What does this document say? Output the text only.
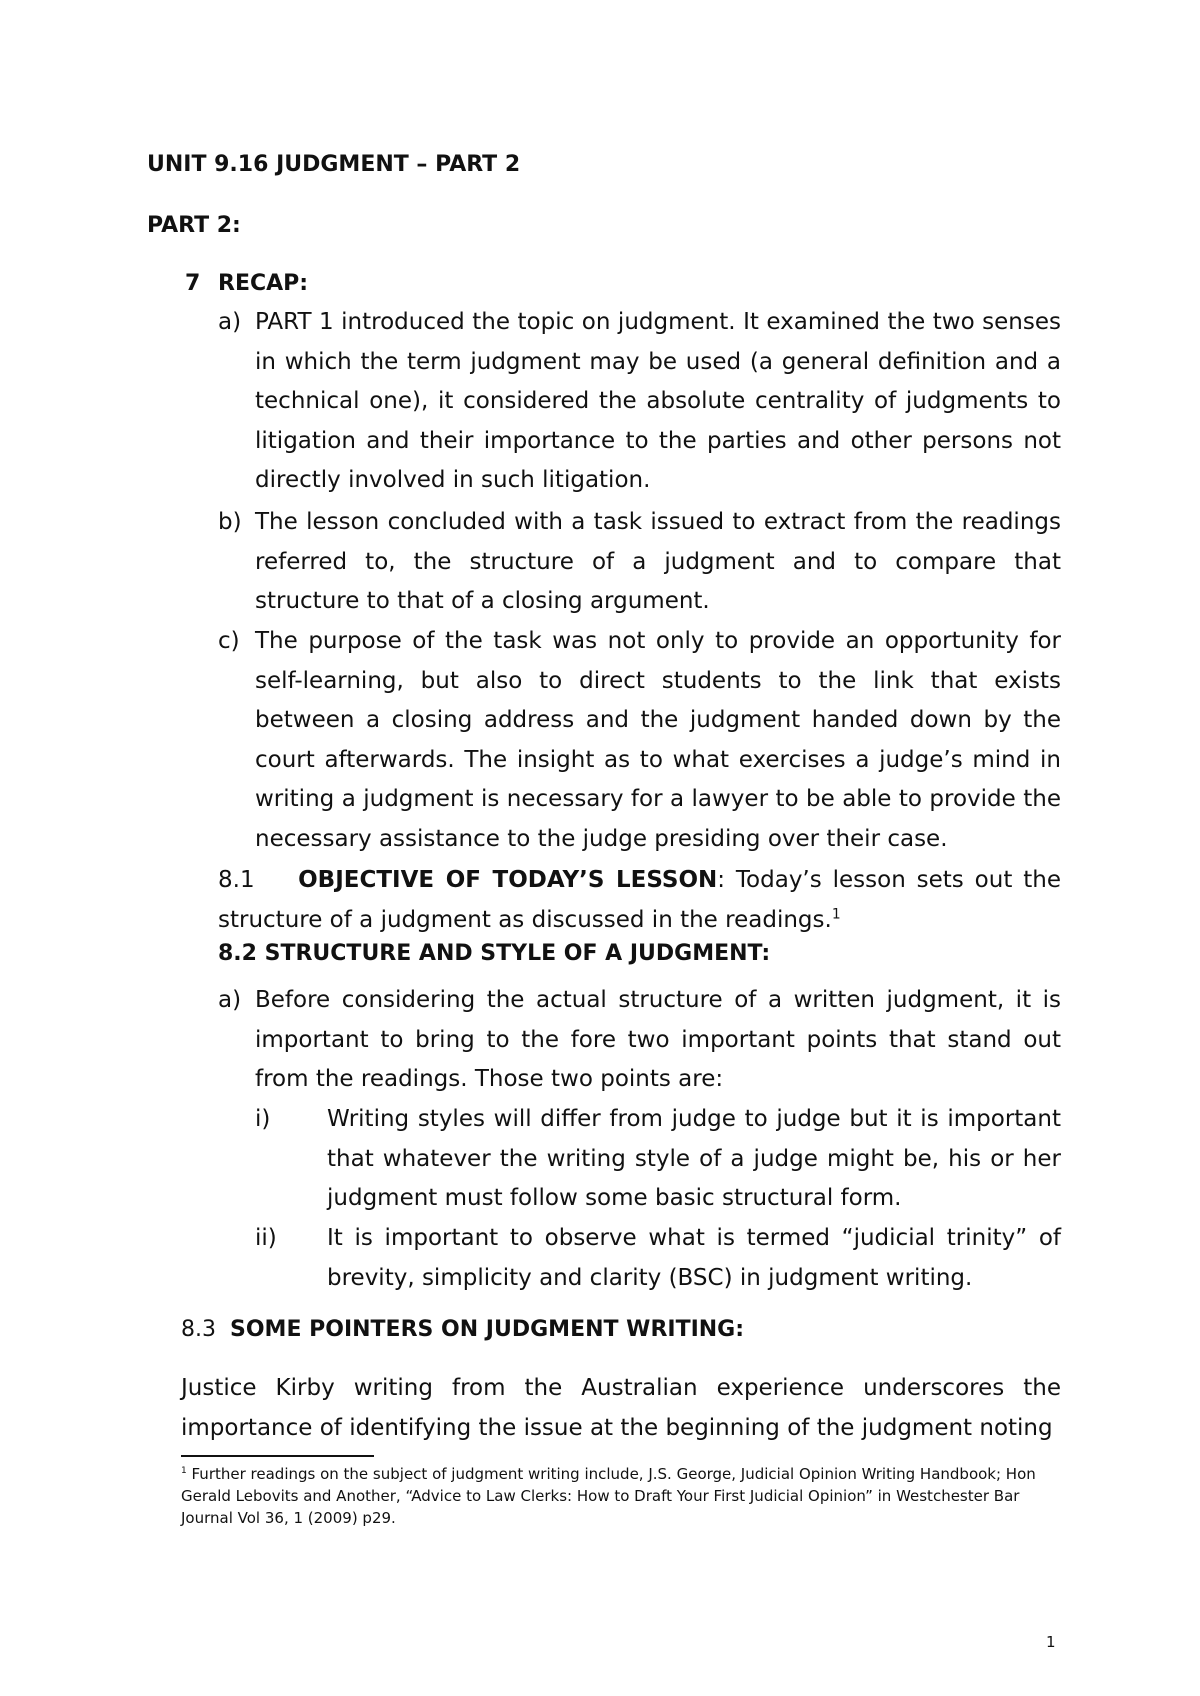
UNIT 9.16 JUDGMENT – PART 2

PART 2:

7 RECAP:

a) PART 1 introduced the topic on judgment. It examined the two senses in which the term judgment may be used (a general definition and a technical one), it considered the absolute centrality of judgments to litigation and their importance to the parties and other persons not directly involved in such litigation.

b) The lesson concluded with a task issued to extract from the readings referred to, the structure of a judgment and to compare that structure to that of a closing argument.

c) The purpose of the task was not only to provide an opportunity for self-learning, but also to direct students to the link that exists between a closing address and the judgment handed down by the court afterwards. The insight as to what exercises a judge’s mind in writing a judgment is necessary for a lawyer to be able to provide the necessary assistance to the judge presiding over their case.

8.1 OBJECTIVE OF TODAY’S LESSON: Today’s lesson sets out the structure of a judgment as discussed in the readings.$^1$

8.2 STRUCTURE AND STYLE OF A JUDGMENT:

a) Before considering the actual structure of a written judgment, it is important to bring to the fore two important points that stand out from the readings. Those two points are:

i) Writing styles will differ from judge to judge but it is important that whatever the writing style of a judge might be, his or her judgment must follow some basic structural form.

ii) It is important to observe what is termed “judicial trinity” of brevity, simplicity and clarity (BSC) in judgment writing.

8.3 SOME POINTERS ON JUDGMENT WRITING:

Justice Kirby writing from the Australian experience underscores the importance of identifying the issue at the beginning of the judgment noting

$^1$ Further readings on the subject of judgment writing include, J.S. George, Judicial Opinion Writing Handbook; Hon Gerald Lebovits and Another, “Advice to Law Clerks: How to Draft Your First Judicial Opinion” in Westchester Bar Journal Vol 36, 1 (2009) p29.

1
